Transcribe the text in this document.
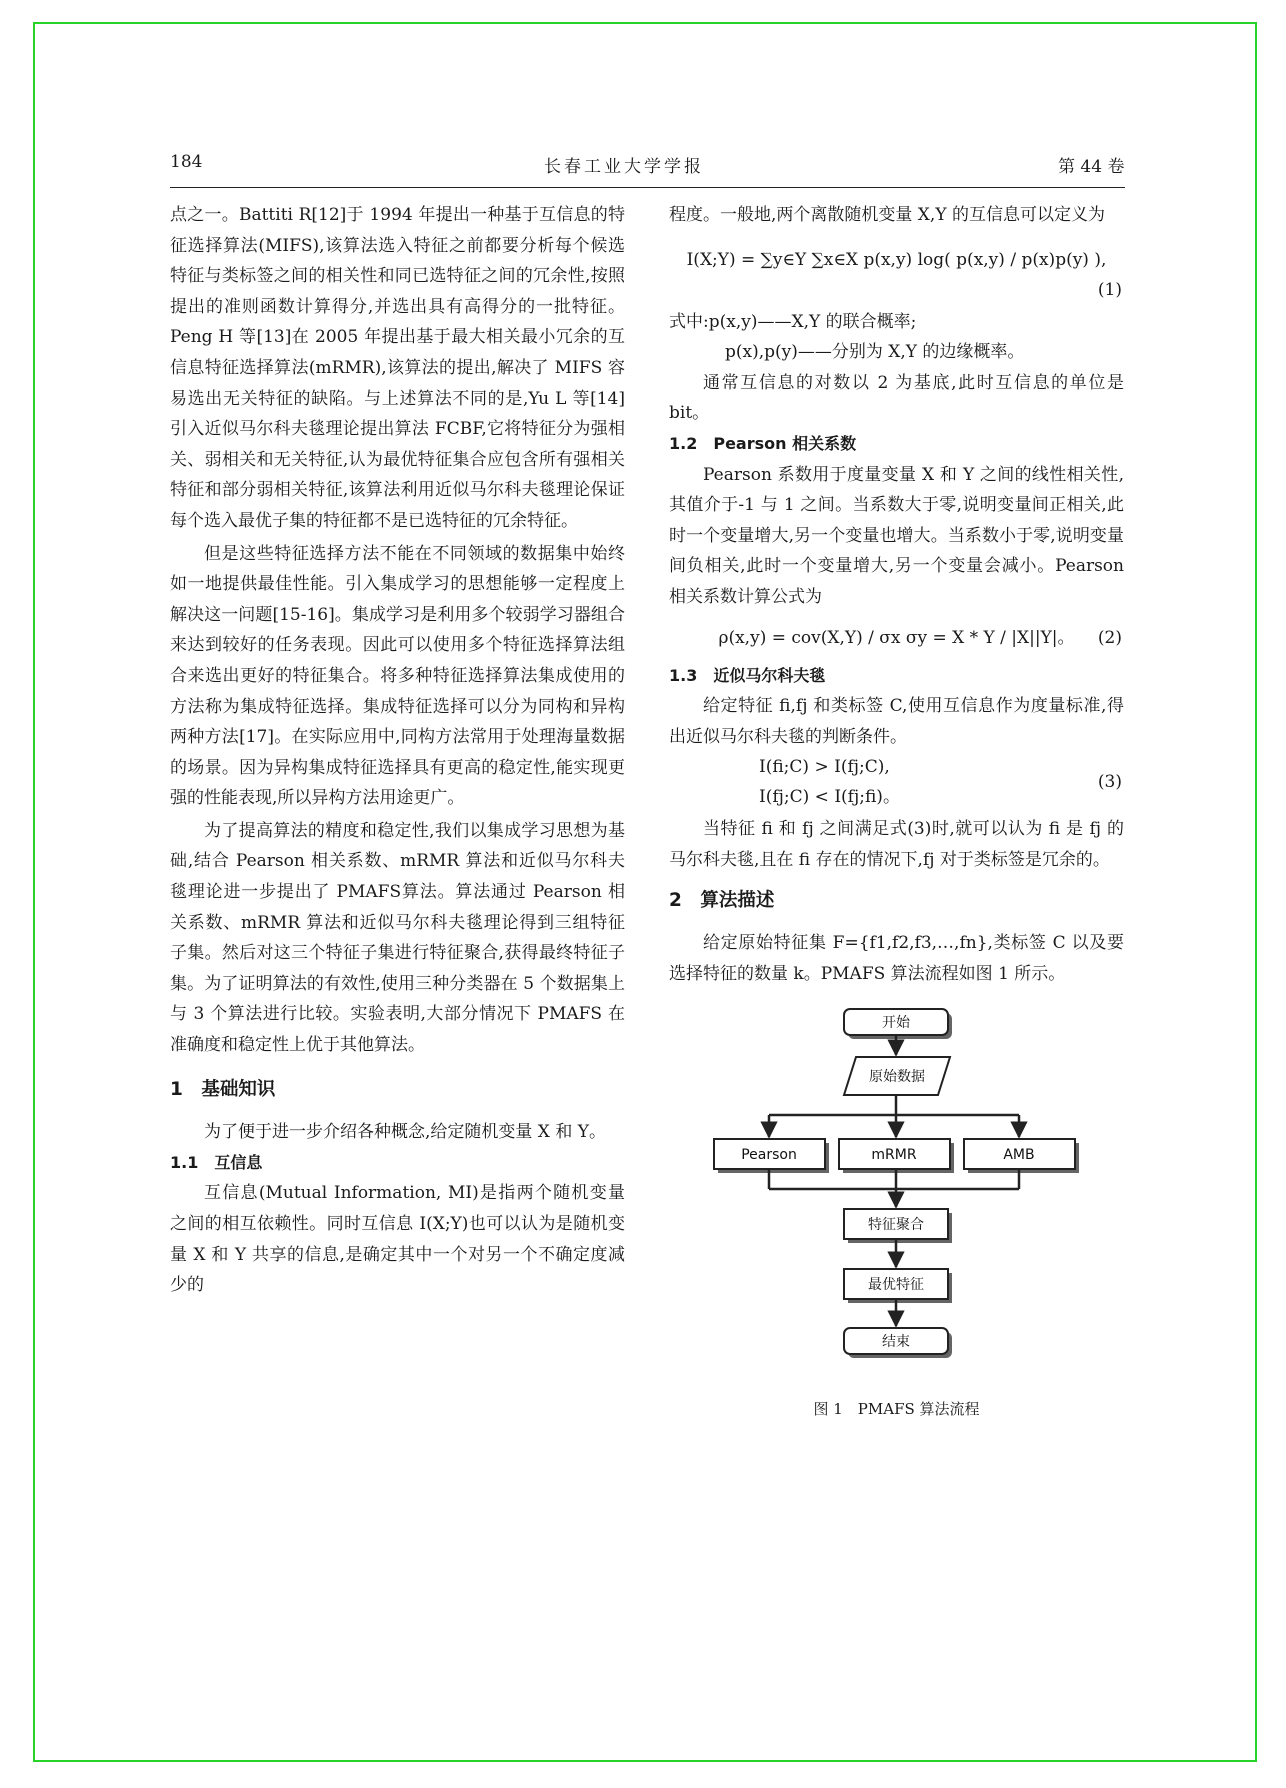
184	长春工业大学学报	第 44 卷

点之一。Battiti R[12]于 1994 年提出一种基于互信息的特征选择算法(MIFS),该算法选入特征之前都要分析每个候选特征与类标签之间的相关性和同已选特征之间的冗余性,按照提出的准则函数计算得分,并选出具有高得分的一批特征。Peng H 等[13]在 2005 年提出基于最大相关最小冗余的互信息特征选择算法(mRMR),该算法的提出,解决了 MIFS 容易选出无关特征的缺陷。与上述算法不同的是,Yu L 等[14]引入近似马尔科夫毯理论提出算法 FCBF,它将特征分为强相关、弱相关和无关特征,认为最优特征集合应包含所有强相关特征和部分弱相关特征,该算法利用近似马尔科夫毯理论保证每个选入最优子集的特征都不是已选特征的冗余特征。

但是这些特征选择方法不能在不同领域的数据集中始终如一地提供最佳性能。引入集成学习的思想能够一定程度上解决这一问题[15-16]。集成学习是利用多个较弱学习器组合来达到较好的任务表现。因此可以使用多个特征选择算法组合来选出更好的特征集合。将多种特征选择算法集成使用的方法称为集成特征选择。集成特征选择可以分为同构和异构两种方法[17]。在实际应用中,同构方法常用于处理海量数据的场景。因为异构集成特征选择具有更高的稳定性,能实现更强的性能表现,所以异构方法用途更广。

为了提高算法的精度和稳定性,我们以集成学习思想为基础,结合 Pearson 相关系数、mRMR 算法和近似马尔科夫毯理论进一步提出了 PMAFS算法。算法通过 Pearson 相关系数、mRMR 算法和近似马尔科夫毯理论得到三组特征子集。然后对这三个特征子集进行特征聚合,获得最终特征子集。为了证明算法的有效性,使用三种分类器在 5 个数据集上与 3 个算法进行比较。实验表明,大部分情况下 PMAFS 在准确度和稳定性上优于其他算法。

1　基础知识

为了便于进一步介绍各种概念,给定随机变量 X 和 Y。

1.1　互信息

互信息(Mutual Information, MI)是指两个随机变量之间的相互依赖性。同时互信息 I(X;Y)也可以认为是随机变量 X 和 Y 共享的信息,是确定其中一个对另一个不确定度减少的

程度。一般地,两个离散随机变量 X,Y 的互信息可以定义为

I(X;Y) = ∑y∈Y ∑x∈X p(x,y) log( p(x,y) / p(x)p(y) ),
(1)

式中:p(x,y)——X,Y 的联合概率;

p(x),p(y)——分别为 X,Y 的边缘概率。

通常互信息的对数以 2 为基底,此时互信息的单位是 bit。

1.2　Pearson 相关系数

Pearson 系数用于度量变量 X 和 Y 之间的线性相关性,其值介于-1 与 1 之间。当系数大于零,说明变量间正相关,此时一个变量增大,另一个变量也增大。当系数小于零,说明变量间负相关,此时一个变量增大,另一个变量会减小。Pearson 相关系数计算公式为

ρ(x,y) = cov(X,Y) / σx σy = X * Y / |X||Y|。	(2)
1.3　近似马尔科夫毯

给定特征 fi,fj 和类标签 C,使用互信息作为度量标准,得出近似马尔科夫毯的判断条件。

I(fi;C) > I(fj;C),
I(fj;C) < I(fj;fi)。
(3)

当特征 fi 和 fj 之间满足式(3)时,就可以认为 fi 是 fj 的马尔科夫毯,且在 fi 存在的情况下,fj 对于类标签是冗余的。

2　算法描述

给定原始特征集 F={f1,f2,f3,…,fn},类标签 C 以及要选择特征的数量 k。PMAFS 算法流程如图 1 所示。

开始
原始数据
Pearson	mRMR	AMB
特征聚合
最优特征
结束
图 1　PMAFS 算法流程
